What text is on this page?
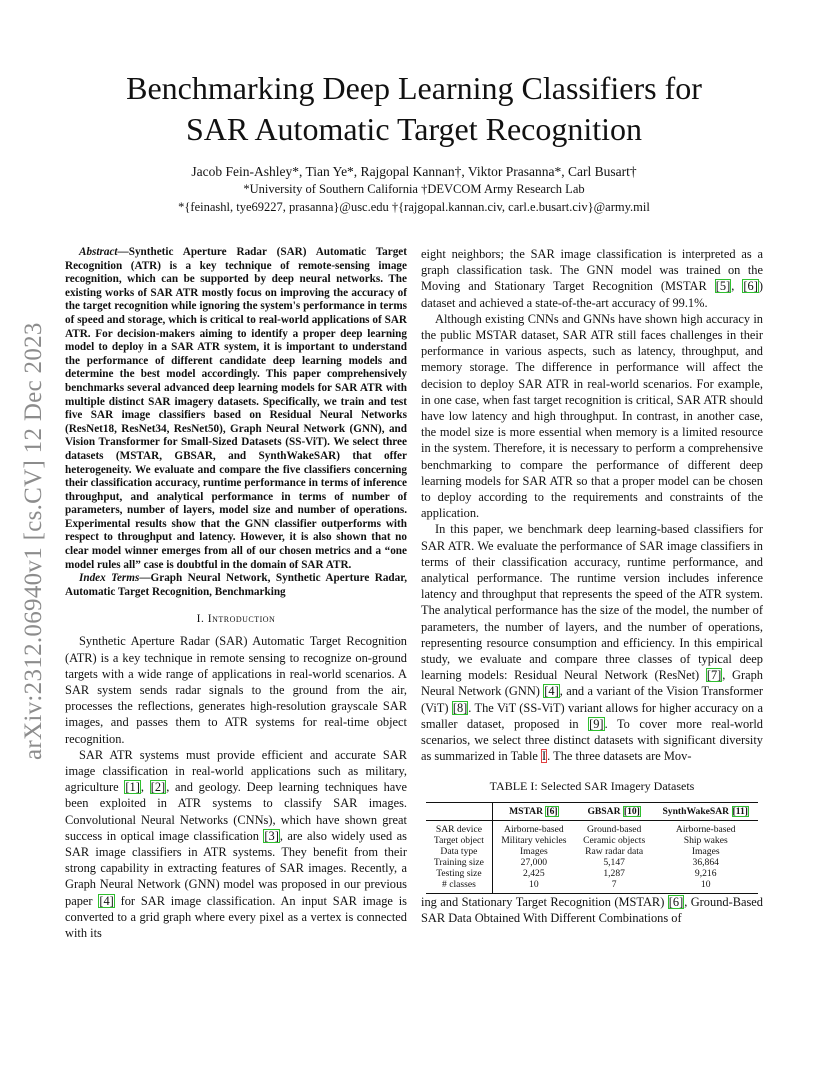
arXiv:2312.06940v1 [cs.CV] 12 Dec 2023
Benchmarking Deep Learning Classifiers for
SAR Automatic Target Recognition
Jacob Fein-Ashley*, Tian Ye*, Rajgopal Kannan†, Viktor Prasanna*, Carl Busart†
*University of Southern California †DEVCOM Army Research Lab
*{feinashl, tye69227, prasanna}@usc.edu †{rajgopal.kannan.civ, carl.e.busart.civ}@army.mil

Abstract—Synthetic Aperture Radar (SAR) Automatic Target Recognition (ATR) is a key technique of remote-sensing image recognition, which can be supported by deep neural networks. The existing works of SAR ATR mostly focus on improving the accuracy of the target recognition while ignoring the system's performance in terms of speed and storage, which is critical to real-world applications of SAR ATR. For decision-makers aiming to identify a proper deep learning model to deploy in a SAR ATR system, it is important to understand the performance of different candidate deep learning models and determine the best model accordingly. This paper comprehensively benchmarks several advanced deep learning models for SAR ATR with multiple distinct SAR imagery datasets. Specifically, we train and test five SAR image classifiers based on Residual Neural Networks (ResNet18, ResNet34, ResNet50), Graph Neural Network (GNN), and Vision Transformer for Small-Sized Datasets (SS-ViT). We select three datasets (MSTAR, GBSAR, and SynthWakeSAR) that offer heterogeneity. We evaluate and compare the five classifiers concerning their classification accuracy, runtime performance in terms of inference throughput, and analytical performance in terms of number of parameters, number of layers, model size and number of operations. Experimental results show that the GNN classifier outperforms with respect to throughput and latency. However, it is also shown that no clear model winner emerges from all of our chosen metrics and a “one model rules all” case is doubtful in the domain of SAR ATR.

Index Terms—Graph Neural Network, Synthetic Aperture Radar, Automatic Target Recognition, Benchmarking

I. Introduction

Synthetic Aperture Radar (SAR) Automatic Target Recognition (ATR) is a key technique in remote sensing to recognize on-ground targets with a wide range of applications in real-world scenarios. A SAR system sends radar signals to the ground from the air, processes the reflections, generates high-resolution grayscale SAR images, and passes them to ATR systems for real-time object recognition.

SAR ATR systems must provide efficient and accurate SAR image classification in real-world applications such as military, agriculture [1], [2], and geology. Deep learning techniques have been exploited in ATR systems to classify SAR images. Convolutional Neural Networks (CNNs), which have shown great success in optical image classification [3], are also widely used as SAR image classifiers in ATR systems. They benefit from their strong capability in extracting features of SAR images. Recently, a Graph Neural Network (GNN) model was proposed in our previous paper [4] for SAR image classification. An input SAR image is converted to a grid graph where every pixel as a vertex is connected with its

eight neighbors; the SAR image classification is interpreted as a graph classification task. The GNN model was trained on the Moving and Stationary Target Recognition (MSTAR [5], [6]) dataset and achieved a state-of-the-art accuracy of 99.1%.

Although existing CNNs and GNNs have shown high accuracy in the public MSTAR dataset, SAR ATR still faces challenges in their performance in various aspects, such as latency, throughput, and memory storage. The difference in performance will affect the decision to deploy SAR ATR in real-world scenarios. For example, in one case, when fast target recognition is critical, SAR ATR should have low latency and high throughput. In contrast, in another case, the model size is more essential when memory is a limited resource in the system. Therefore, it is necessary to perform a comprehensive benchmarking to compare the performance of different deep learning models for SAR ATR so that a proper model can be chosen to deploy according to the requirements and constraints of the application.

In this paper, we benchmark deep learning-based classifiers for SAR ATR. We evaluate the performance of SAR image classifiers in terms of their classification accuracy, runtime performance, and analytical performance. The runtime version includes inference latency and throughput that represents the speed of the ATR system. The analytical performance has the size of the model, the number of parameters, the number of layers, and the number of operations, representing resource consumption and efficiency. In this empirical study, we evaluate and compare three classes of typical deep learning models: Residual Neural Network (ResNet) [7], Graph Neural Network (GNN) [4], and a variant of the Vision Transformer (ViT) [8]. The ViT (SS-ViT) variant allows for higher accuracy on a smaller dataset, proposed in [9]. To cover more real-world scenarios, we select three distinct datasets with significant diversity as summarized in Table I. The three datasets are Mov-

TABLE I: Selected SAR Imagery Datasets
	MSTAR [6]	GBSAR [10]	SynthWakeSAR [11]
SAR device	Airborne-based	Ground-based	Airborne-based
Target object	Military vehicles	Ceramic objects	Ship wakes
Data type	Images	Raw radar data	Images
Training size	27,000	5,147	36,864
Testing size	2,425	1,287	9,216
# classes	10	7	10

ing and Stationary Target Recognition (MSTAR) [6], Ground-Based SAR Data Obtained With Different Combinations of
